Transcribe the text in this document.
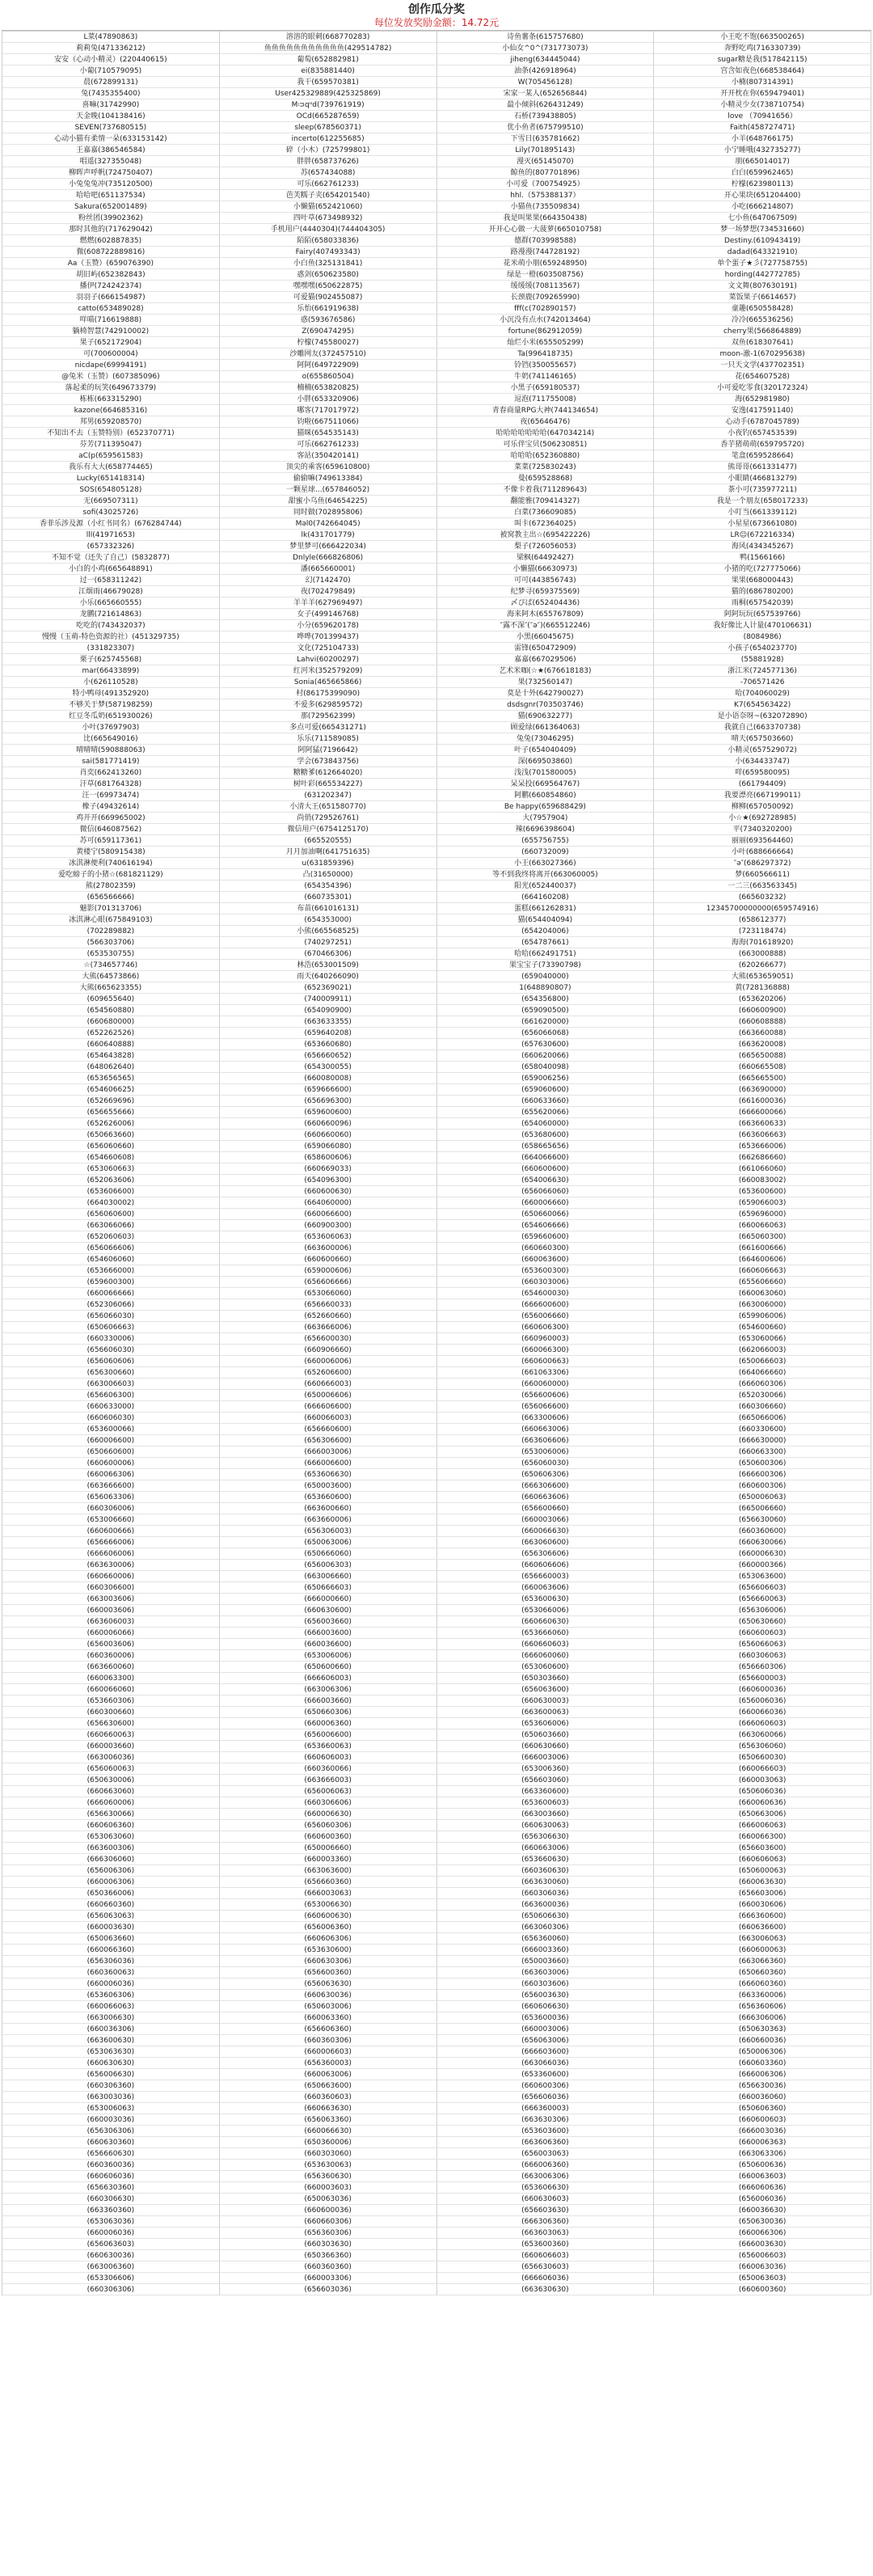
创作瓜分奖
每位发放奖励金额：14.72元
L菜(47890863)	溶溶的眼刺(668770283)	诗鱼薯条(615757680)	小王吃不饱(663500265)
莉莉兔(471336212)	鱼鱼鱼鱼鱼鱼鱼鱼鱼鱼鱼(429514782)	小仙女^0^(731773073)	奔野吃鸡(716330739)
安安（心动小精灵）(220440615)	葡萄(652882981)	jiheng(634445044)	sugar糖是我(517842115)
小葡(710579095)	ei(835881440)	油条(426918964)	宫含如夜色(668538464)
晨(672899131)	我干(659570381)	W(705456128)	小楠(807314391)
兔(7435355400)	User425329889(425325869)	宋家一某人(652656844)	开开枕在你(659479401)
喜嘛(31742990)	Mᴞqᵘd(739761919)	最小倾斜(626431249)	小精灵少女(738710754)
天金晚(104138416)	OCd(665287659)	石桥(739438805)	love （70941656）
SEVEN(737680515)	sleep(678560371)	优小鱼者(675799510)	Faith(458727471)
心动小猫有柔情一朵(633153142)	incerto(612255685)	下雪日(635781662)	小羊(648766175)
王嘉嘉(386546584)	碎（小木）(725799801)	Lily(701895143)	小宁睡哦(432735277)
唱遥(327355048)	胖胖(658737626)	漫灭(65145070)	朋(665014017)
柳晖声呼帆(724750407)	苏(657434088)	鲸鱼的(807701896)	白白(659962465)
小兔兔兔冲(735120500)	可乐(662761233)	小可爱（700754925）	柠檬(623980113)
哈哈吧(651137534)	芭芙糯子夹(654201540)	hhl.（575388137）	开心果块(651204400)
Sakura(652001489)	小懒猫(652421060)	小猫鱼(735509834)	小吃(666214807)
粉丝团(39902362)	四叶草(673498932)	我是叫果果(664350438)	七小鱼(647067509)
那时其他的(717629042)	手机用户(4440304)(744404305)	开开心心做一大菠萝(665010758)	梦一场梦想(734531660)
燃燃(602887835)	陌陌(658033836)	德群(703998588)	Destiny.(610943419)
微(608722889816)	Fairy(407493343)	路漫漫(744728192)	dadad(643321910)
Aa（玉赞）(659076390)	小白鱼(325131841)	花米萌小朋(659248950)	单个蛋子★彡(727758755)
胡旧屿(652382843)	惑剑(650623580)	绿是一橙(603508756)	hording(442772785)
播伊(724242374)	嘿嘿嘿(650622875)	缓缓缓(708113567)	文文舞(807630191)
羽羽子(666154987)	可爱猫(902455087)	长颈鹿(709265990)	菜饭果子(6614657)
catto(653489028)	乐怡(661919638)	fff(c(702890157)	童趣(650558428)
咩喵(716619888)	惑(593676586)	小沉没有点水(742013464)	冷冷(665536256)
躺椅智慧(742910002)	Z(690474295)	fortune(862912059)	cherry果(566864889)
果子(652172904)	柠檬(745580027)	灿烂小米(655505299)	双鱼(618307641)
可(700600004)	沙雕网友(372457510)	Ta(996418735)	moon-澈-1(670295638)
nicdape(69994191)	阿阿(649722909)	铃铛(350055657)	一只天文学(437702351)
@兔米（玉赞）(607385096)	o(655860504)	牛奶(741146165)	花(654607528)
落起柔的玩笑(649673379)	楠楠(653820825)	小黑子(659180537)	小可爱吃零食(320172324)
栋栋(663315290)	小胖(653320906)	逗泡(711755008)	海(652981980)
kazone(664685316)	哪客(717017972)	青春商量RPG大神(744134654)	安逸(417591140)
邦男(659208570)	钧啦(667511066)	夜(65646476)	心动手(6787045789)
不知出不去（玉赞特别）(652370771)	猫咪(654535143)	哈哈哈哈哈哈哈(647034214)	小夜钓(657453539)
芬芳(711395047)	可乐(662761233)	可乐伴宝贝(506230851)	香芋猪萌萌(659795720)
aC(p(659561583)	客站(350420141)	哈哈哈(652360880)	笔盒(659528664)
我乐有大大(658774465)	顶尖的乘客(659610800)	菜菜(725830243)	熊哥哥(661331477)
Lucky(651418314)	偷偷嘛(749613384)	曼(659528868)	小眼睛(466813279)
SOS(654805128)	一颗星球...(657846052)	不像卡着我(711289643)	茶小可(735977211)
无(669507311)	甜蜜小乌鱼(64654225)	翻能雅(709414327)	我是一个朋友(658017233)
sofi(43025726)	同时做(702895806)	白菜(736609085)	小叮当(661339112)
香菲乐涉及源（小红书同名）(676284744)	Məl0(742664045)	叫卡(672364025)	小星星(673661080)
lll(41971653)	lk(431701779)	被窝教主出☆(695422226)	LR☺(672216334)
(657332326)	梦里梦可(666422034)	梨子(726056053)	海风(434345267)
不知不觉（还失了自己）(5832877)	Dnlyle(666826806)	梁枫(64492427)	鸭(1566166)
小白的小鸡(665648891)	潘(665660001)	小懒猫(66630973)	小猪的吃(727775066)
过一(658311242)	幻(7142470)	可可(443856743)	果果(668000443)
江烟雨(46679028)	夜(702479849)	纪梦寻(659375569)	猫的(686780200)
小乐(665660555)	羊羊羊(627969497)	〆ぴぱ(652404436)	雨桐(657542039)
龙鹏(721614863)	女子(499146768)	海来阿木(655767809)	阿阿玩玩(657539766)
吃吃的(743432037)	小分(659620178)	″露不深″(″ə″)(665512246)	我好像比人计量(470106631)
慢慢（玉萌-特色资源的社）(451329735)	哗哗(701399437)	小黑(66045675)	(8084986)
(331823307)	文化(725104733)	雷锋(650472909)	小孩子(654023770)
栗子(625745568)	Lahvi(60200297)	嘉嘉(667029506)	(55881928)
mar(66433899)	红河米(352579209)	艺术米咖(☆★(676618183)	浙江米(724577136)
小(626110528)	Sonia(465665866)	果(732560147)	-706571426
特小鸭母(491352920)	村(86175399090)	莫是十外(642790027)	哈(704060029)
不够关于梦(587198259)	不爱多(629859572)	dsdsgnr(703503746)	K7(654563422)
红豆冬瓜奶(651930026)	那(729562399)	猫(690632277)	是小语奈呀~(632072890)
小叶(37697903)	多点可爱(665431271)	顾爱绿(661364063)	我就自己(663370738)
比(665649016)	乐乐(711589085)	兔兔(73046295)	晴天(657503660)
晴晴晴(590888063)	阿阿猛(7196642)	叶子(654040409)	小精灵(657529072)
sai(581771419)	学会(673843756)	深(669503860)	小(634433747)
肖奕(662413260)	糖糖爹(612664020)	浅浅(701580005)	咩(659580095)
汗草(681764328)	树叶彩(665534227)	呆呆投(669564767)	(661794409)
汪一(69973474)	(631202347)	阿鹏(660854860)	我要漂亮(667199011)
橡子(49432614)	小清大王(651580770)	Be happy(659688429)	柳柳(657050092)
鸡开开(669965002)	尚俏(729526761)	大(7957904)	小☆★(692728985)
微信(646087562)	微信用户(6754125170)	辣(6696398604)	平(7340320200)
苏可(659117361)	(665520555)	(655756755)	丽丽(693564460)
黄楼宁(580915438)	月月加油啊(641751635)	(660732009)	小叶(688666664)
冰淇淋便利(740616194)	u(631859396)	小王(663027366)	″ə″(686297372)
爱吃螃子的小猪☆(681821129)	凸(31650000)	等不到我终将离开(663060005)	梦(660566611)
熊(27802359)	(654354396)	阳光(652440037)	一二三(663563345)
(656566666)	(660735301)	(664160208)	(665603232)
魅影(701313706)	布苗(661016131)	蛋糕(661262831)	12345700000000(659574916)
冰淇淋心眼(675849103)	(654353000)	猫(654404094)	(658612377)
(702289882)	小熊(665568525)	(654204006)	(723118474)
(566303706)	(740297251)	(654787661)	海海(701618920)
(653530755)	(670466306)	哈哈(662491751)	(663000888)
☆(734657746)	林浩(653001509)	果宝宝子(73390798)	(620266677)
大熊(64573866)	雨天(640266090)	(659040000)	大熊(653659051)
大熊(665623355)	(652369021)	1(648890807)	黄(728136888)
(609655640)	(740009911)	(654356800)	(653620206)
(654560880)	(654090900)	(659090500)	(660600900)
(660680000)	(663633355)	(661620000)	(660608888)
(652262526)	(659640208)	(656066068)	(663660088)
(660640888)	(653660680)	(657630600)	(663620008)
(654643828)	(656660652)	(660620066)	(665650088)
(648062640)	(654300055)	(658040098)	(660665508)
(653656565)	(660080008)	(659006256)	(665665500)
(654606625)	(659666600)	(659060600)	(663690000)
(652669696)	(656696300)	(660633660)	(661600036)
(656655666)	(659600600)	(655620066)	(666600066)
(652626006)	(660660096)	(654060000)	(663660633)
(650663660)	(660660060)	(653680600)	(663606663)
(656060660)	(659066080)	(658665656)	(653666006)
(654660608)	(658600606)	(664066600)	(662686660)
(653060663)	(660669033)	(660600600)	(661066060)
(652063606)	(654096300)	(654006630)	(660083002)
(653606600)	(660600630)	(656066060)	(653600600)
(664030002)	(664060000)	(660006660)	(659066003)
(656060600)	(660066600)	(650660066)	(659696000)
(663066066)	(660900300)	(654606666)	(660066063)
(652060603)	(653606063)	(659660600)	(665060300)
(656066606)	(663600006)	(660660300)	(661600666)
(654606060)	(660600660)	(660063600)	(664600606)
(653666000)	(659000606)	(653600300)	(660606663)
(659600300)	(656606666)	(660303006)	(655606660)
(660066666)	(653066060)	(654600030)	(660063060)
(652306066)	(656660033)	(666600600)	(663006000)
(656066030)	(652660660)	(656006660)	(659906006)
(650606663)	(663666006)	(660606300)	(654600660)
(660330006)	(656600030)	(660960003)	(653060066)
(656606030)	(660906660)	(660066300)	(662066003)
(656060606)	(660006006)	(660600663)	(650066603)
(656300660)	(652606600)	(661063306)	(664066660)
(663006603)	(660666003)	(660060000)	(666060306)
(656606300)	(650006606)	(656600606)	(652030066)
(660633000)	(666606600)	(656066600)	(660306660)
(660606030)	(660066003)	(663300606)	(665066006)
(653600066)	(656660600)	(660663006)	(660330600)
(660006600)	(656306600)	(663606606)	(666630000)
(650660600)	(666003006)	(653006006)	(660663300)
(660600006)	(666006600)	(656060030)	(650600306)
(660066306)	(653606630)	(650606306)	(666600306)
(663666600)	(650003600)	(666306600)	(660600306)
(656063306)	(653660600)	(660663606)	(650006063)
(660306006)	(663600660)	(656600660)	(665006660)
(653006660)	(663660006)	(660003066)	(656630060)
(660600666)	(656306003)	(660066630)	(660360600)
(656666006)	(650063006)	(663060600)	(660630066)
(666606006)	(650666060)	(656306606)	(660006630)
(663630006)	(656006303)	(660606606)	(660000366)
(660660006)	(663006660)	(656660003)	(653063600)
(660306600)	(650666603)	(660063606)	(656606603)
(663003606)	(666000660)	(653600630)	(656660063)
(660003606)	(660630600)	(653066006)	(656306006)
(663606003)	(656003660)	(660660630)	(650630660)
(660006066)	(666003600)	(653666060)	(660600603)
(656003606)	(660036600)	(660660603)	(656066063)
(660360006)	(653006006)	(666060060)	(660306063)
(663660060)	(650600660)	(653060600)	(656660306)
(660063300)	(666606003)	(650303660)	(656600003)
(660066060)	(663006306)	(656063600)	(660600036)
(653660306)	(666003660)	(660630003)	(656006036)
(660300660)	(650660306)	(663600063)	(660066036)
(656630600)	(660006360)	(653606006)	(666060603)
(660660063)	(656006600)	(650603660)	(663060066)
(660003660)	(653660063)	(660630660)	(656306060)
(663006036)	(660606003)	(666003006)	(650660030)
(656060063)	(660360066)	(653006360)	(660066603)
(650630006)	(663666003)	(656603060)	(660003063)
(660663060)	(656006063)	(663360600)	(650606036)
(666060006)	(660306606)	(653600603)	(660060636)
(656630066)	(660006630)	(663003660)	(650663006)
(660606360)	(656060306)	(660630063)	(666006063)
(653063060)	(660600360)	(656306630)	(660066300)
(663600306)	(650006660)	(660663006)	(656603600)
(666306060)	(660003360)	(653660630)	(660606063)
(656006306)	(663063600)	(660360630)	(650600063)
(660006306)	(656660360)	(663630060)	(660063630)
(650366006)	(666003063)	(660306036)	(656603006)
(660660360)	(653006630)	(663600036)	(660030606)
(656063063)	(660600630)	(650606630)	(666360600)
(660003630)	(656006360)	(663060306)	(660636600)
(650063660)	(660606306)	(656360060)	(663006063)
(660066360)	(653630600)	(666003360)	(660600063)
(656306036)	(660630306)	(650003660)	(663066360)
(660360063)	(656600360)	(663603006)	(650660360)
(660006036)	(656063630)	(660303606)	(666060360)
(653606306)	(660630036)	(656003630)	(663360006)
(660066063)	(650603006)	(660606630)	(656360606)
(663006630)	(660063360)	(653600036)	(666306006)
(660036306)	(656606360)	(660003006)	(650630363)
(663600630)	(660360306)	(656063006)	(660660036)
(653063630)	(660006603)	(666603600)	(650006306)
(660630630)	(656360003)	(663066036)	(660603360)
(656006630)	(660063006)	(653360600)	(666006306)
(660306360)	(650663600)	(660600306)	(656630036)
(663003036)	(660360603)	(656606036)	(660036060)
(653006063)	(660663630)	(666360003)	(650606360)
(660003036)	(656063360)	(663630306)	(660600603)
(656306306)	(660066630)	(653603600)	(666003036)
(660630360)	(650360006)	(663606360)	(660006363)
(656660630)	(660303060)	(656003063)	(663063306)
(660360036)	(653630063)	(666006360)	(650600636)
(660606036)	(656360630)	(663006306)	(660063603)
(656630360)	(660003603)	(653606630)	(666060636)
(660306630)	(650063036)	(660630603)	(656006036)
(663360360)	(660600036)	(656603630)	(660036630)
(653063036)	(660660306)	(666306360)	(650630036)
(660006036)	(656360306)	(663603063)	(660066306)
(656063603)	(660303630)	(653600360)	(666003630)
(660630036)	(650366360)	(660606603)	(656006603)
(663006360)	(660360360)	(656630603)	(660063036)
(653306606)	(660003306)	(666606036)	(650063603)
(660306306)	(656603036)	(663630630)	(660600360)
